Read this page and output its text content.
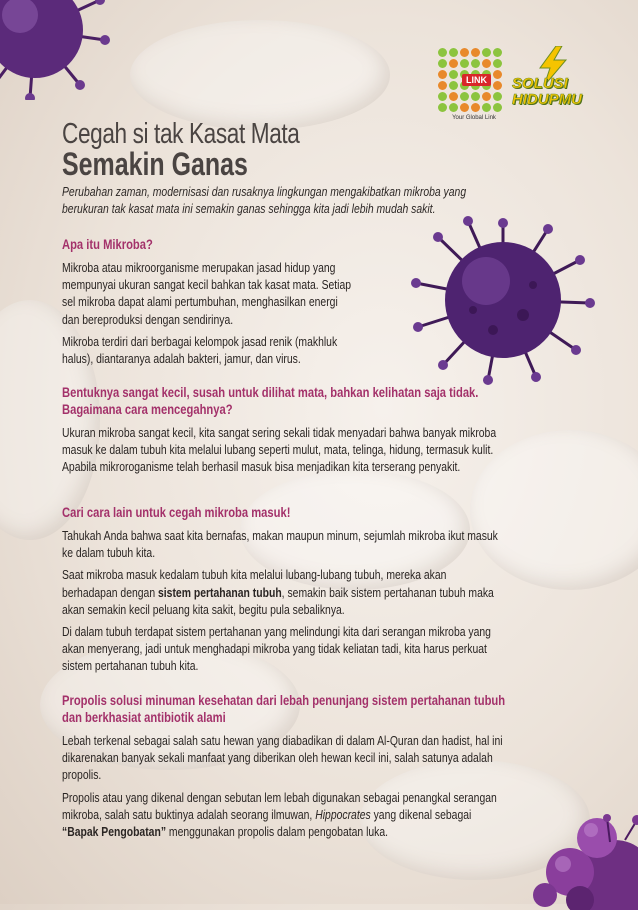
LINK
Your Global Link
SOLUSI
HIDUPMU
Cegah si tak Kasat Mata
Semakin Ganas
Perubahan zaman, modernisasi dan rusaknya lingkungan mengakibatkan mikroba yang
berukuran tak kasat mata ini semakin ganas sehingga kita jadi lebih mudah sakit.
Apa itu Mikroba?

Mikroba atau mikroorganisme merupakan jasad hidup yang
mempunyai ukuran sangat kecil bahkan tak kasat mata. Setiap
sel mikroba dapat alami pertumbuhan, menghasilkan energi
dan bereproduksi dengan sendirinya.

Mikroba terdiri dari berbagai kelompok jasad renik (makhluk
halus), diantaranya adalah bakteri, jamur, dan virus.

Bentuknya sangat kecil, susah untuk dilihat mata, bahkan kelihatan saja tidak.
Bagaimana cara mencegahnya?

Ukuran mikroba sangat kecil, kita sangat sering sekali tidak menyadari bahwa banyak mikroba
masuk ke dalam tubuh kita melalui lubang seperti mulut, mata, telinga, hidung, termasuk kulit.
Apabila mikroroganisme telah berhasil masuk bisa menjadikan kita terserang penyakit.

Cari cara lain untuk cegah mikroba masuk!

Tahukah Anda bahwa saat kita bernafas, makan maupun minum, sejumlah mikroba ikut masuk
ke dalam tubuh kita.

Saat mikroba masuk kedalam tubuh kita melalui lubang-lubang tubuh, mereka akan
berhadapan dengan sistem pertahanan tubuh, semakin baik sistem pertahanan tubuh maka
akan semakin kecil peluang kita sakit, begitu pula sebaliknya.

Di dalam tubuh terdapat sistem pertahanan yang melindungi kita dari serangan mikroba yang
akan menyerang, jadi untuk menghadapi mikroba yang tidak keliatan tadi, kita harus perkuat
sistem pertahanan tubuh kita.

Propolis solusi minuman kesehatan dari lebah penunjang sistem pertahanan tubuh
dan berkhasiat antibiotik alami

Lebah terkenal sebagai salah satu hewan yang diabadikan di dalam Al-Quran dan hadist, hal ini
dikarenakan banyak sekali manfaat yang diberikan oleh hewan kecil ini, salah satunya adalah
propolis.

Propolis atau yang dikenal dengan sebutan lem lebah digunakan sebagai penangkal serangan
mikroba, salah satu buktinya adalah seorang ilmuwan, Hippocrates yang dikenal sebagai
“Bapak Pengobatan” menggunakan propolis dalam pengobatan luka.
